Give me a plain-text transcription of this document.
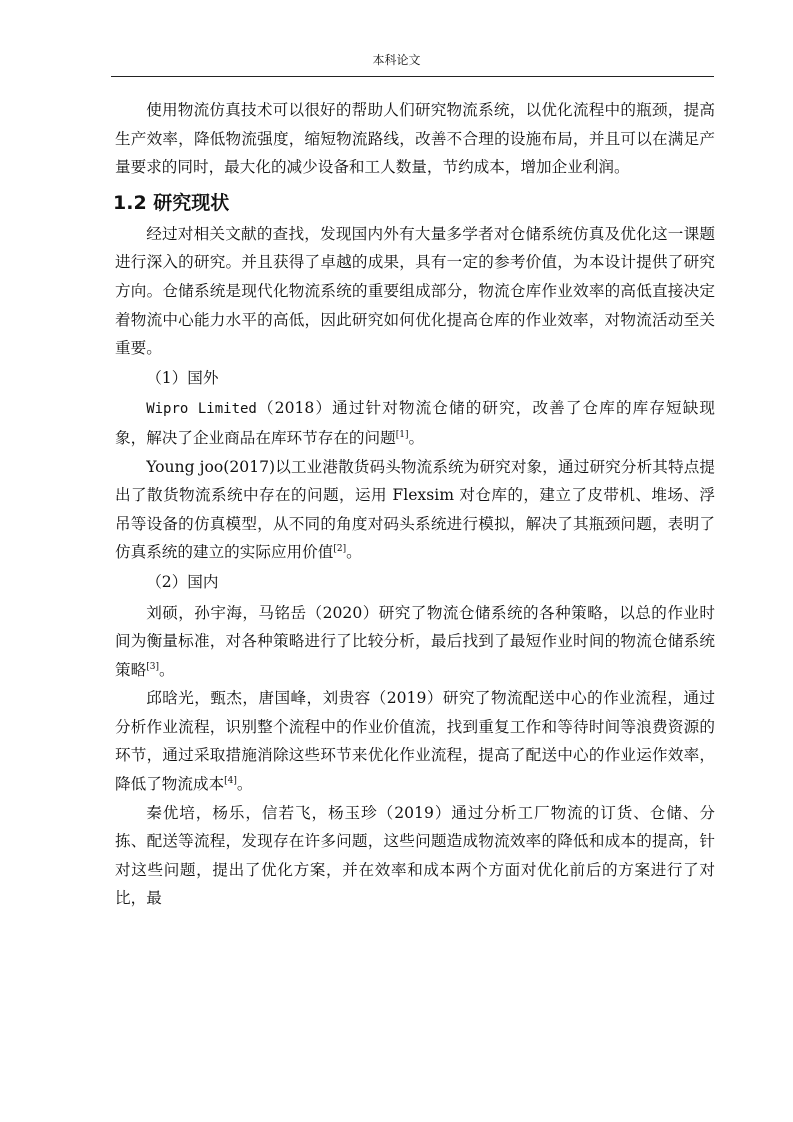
本科论文

使用物流仿真技术可以很好的帮助人们研究物流系统，以优化流程中的瓶颈，提高生产效率，降低物流强度，缩短物流路线，改善不合理的设施布局，并且可以在满足产量要求的同时，最大化的减少设备和工人数量，节约成本，增加企业利润。

1.2 研究现状

经过对相关文献的查找，发现国内外有大量多学者对仓储系统仿真及优化这一课题进行深入的研究。并且获得了卓越的成果，具有一定的参考价值，为本设计提供了研究方向。仓储系统是现代化物流系统的重要组成部分，物流仓库作业效率的高低直接决定着物流中心能力水平的高低，因此研究如何优化提高仓库的作业效率，对物流活动至关重要。

（1）国外

Wipro Limited（2018）通过针对物流仓储的研究，改善了仓库的库存短缺现象，解决了企业商品在库环节存在的问题[1]。

Young joo(2017)以工业港散货码头物流系统为研究对象，通过研究分析其特点提出了散货物流系统中存在的问题，运用 Flexsim 对仓库的，建立了皮带机、堆场、浮吊等设备的仿真模型，从不同的角度对码头系统进行模拟，解决了其瓶颈问题，表明了仿真系统的建立的实际应用价值[2]。

（2）国内

刘硕，孙宇海，马铭岳（2020）研究了物流仓储系统的各种策略，以总的作业时间为衡量标准，对各种策略进行了比较分析，最后找到了最短作业时间的物流仓储系统策略[3]。

邱晗光，甄杰，唐国峰，刘贵容（2019）研究了物流配送中心的作业流程，通过分析作业流程，识别整个流程中的作业价值流，找到重复工作和等待时间等浪费资源的环节，通过采取措施消除这些环节来优化作业流程，提高了配送中心的作业运作效率，降低了物流成本[4]。

秦优培，杨乐，信若飞，杨玉珍（2019）通过分析工厂物流的订货、仓储、分拣、配送等流程，发现存在许多问题，这些问题造成物流效率的降低和成本的提高，针对这些问题，提出了优化方案，并在效率和成本两个方面对优化前后的方案进行了对比，最
